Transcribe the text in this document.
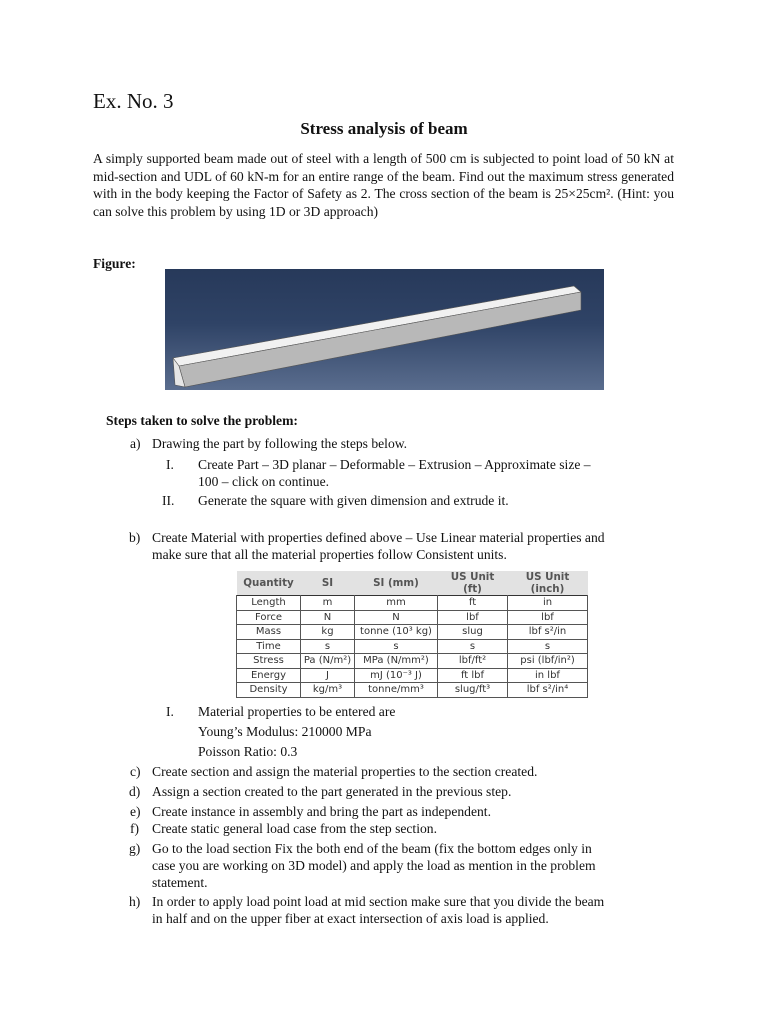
Ex. No. 3
Stress analysis of beam
A simply supported beam made out of steel with a length of 500 cm is subjected to point load of 50 kN at mid-section and UDL of 60 kN-m for an entire range of the beam. Find out the maximum stress generated with in the body keeping the Factor of Safety as 2. The cross section of the beam is 25×25cm². (Hint: you can solve this problem by using 1D or 3D approach)
Figure:
Steps taken to solve the problem:
a) Drawing the part by following the steps below.
I. Create Part – 3D planar – Deformable – Extrusion – Approximate size –
100 – click on continue.
II. Generate the square with given dimension and extrude it.
b) Create Material with properties defined above – Use Linear material properties and
make sure that all the material properties follow Consistent units.
Quantity	SI	SI (mm)	US Unit (ft)	US Unit (inch)
Length	m	mm	ft	in
Force	N	N	lbf	lbf
Mass	kg	tonne (10³ kg)	slug	lbf s²/in
Time	s	s	s	s
Stress	Pa (N/m²)	MPa (N/mm²)	lbf/ft²	psi (lbf/in²)
Energy	J	mJ (10⁻³ J)	ft lbf	in lbf
Density	kg/m³	tonne/mm³	slug/ft³	lbf s²/in⁴
I. Material properties to be entered are
Young’s Modulus: 210000 MPa
Poisson Ratio: 0.3
c) Create section and assign the material properties to the section created.
d) Assign a section created to the part generated in the previous step.
e) Create instance in assembly and bring the part as independent.
f) Create static general load case from the step section.
g) Go to the load section Fix the both end of the beam (fix the bottom edges only in
case you are working on 3D model) and apply the load as mention in the problem
statement.
h) In order to apply load point load at mid section make sure that you divide the beam
in half and on the upper fiber at exact intersection of axis load is applied.
